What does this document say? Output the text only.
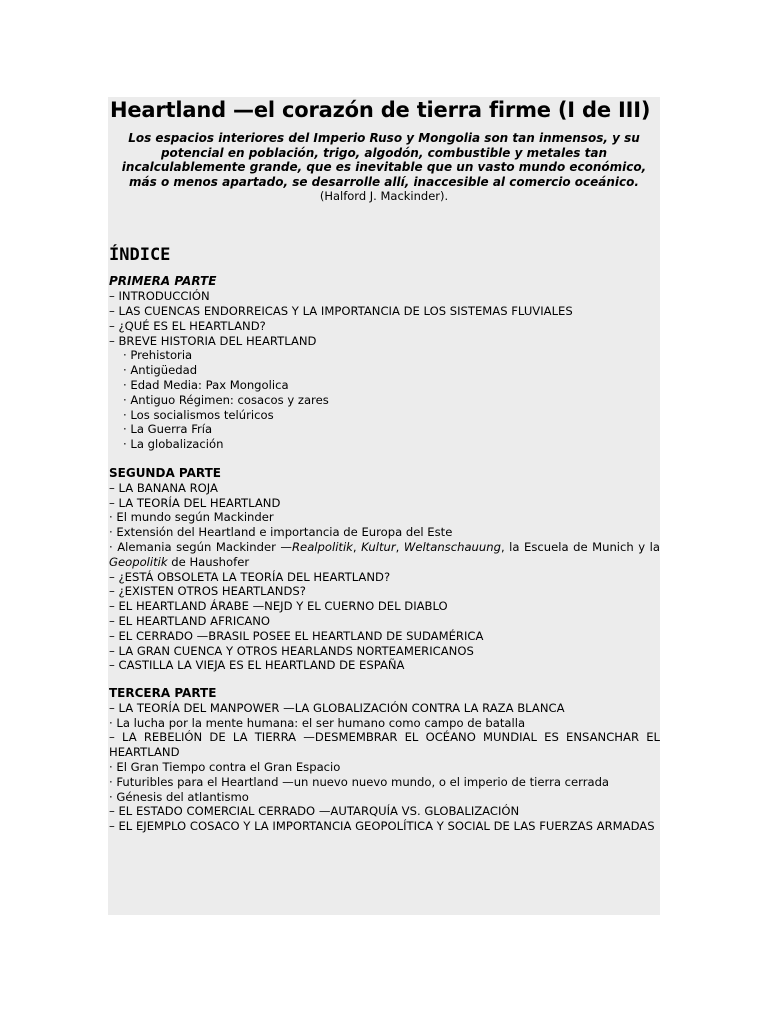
Heartland —el corazón de tierra firme (I de III)
Los espacios interiores del Imperio Ruso y Mongolia son tan inmensos, y su potencial en población, trigo, algodón, combustible y metales tan incalculablemente grande, que es inevitable que un vasto mundo económico, más o menos apartado, se desarrolle allí, inaccesible al comercio oceánico.
(Halford J. Mackinder).
ÍNDICE
PRIMERA PARTE
– INTRODUCCIÓN
– LAS CUENCAS ENDORREICAS Y LA IMPORTANCIA DE LOS SISTEMAS FLUVIALES
– ¿QUÉ ES EL HEARTLAND?
– BREVE HISTORIA DEL HEARTLAND
· Prehistoria
· Antigüedad
· Edad Media: Pax Mongolica
· Antiguo Régimen: cosacos y zares
· Los socialismos telúricos
· La Guerra Fría
· La globalización
SEGUNDA PARTE
– LA BANANA ROJA
– LA TEORÍA DEL HEARTLAND
· El mundo según Mackinder
· Extensión del Heartland e importancia de Europa del Este
· Alemania según Mackinder —Realpolitik, Kultur, Weltanschauung, la Escuela de Munich y la Geopolitik de Haushofer
– ¿ESTÁ OBSOLETA LA TEORÍA DEL HEARTLAND?
– ¿EXISTEN OTROS HEARTLANDS?
– EL HEARTLAND ÁRABE —NEJD Y EL CUERNO DEL DIABLO
– EL HEARTLAND AFRICANO
– EL CERRADO —BRASIL POSEE EL HEARTLAND DE SUDAMÉRICA
– LA GRAN CUENCA Y OTROS HEARLANDS NORTEAMERICANOS
– CASTILLA LA VIEJA ES EL HEARTLAND DE ESPAÑA
TERCERA PARTE
– LA TEORÍA DEL MANPOWER —LA GLOBALIZACIÓN CONTRA LA RAZA BLANCA
· La lucha por la mente humana: el ser humano como campo de batalla
– LA REBELIÓN DE LA TIERRA —DESMEMBRAR EL OCÉANO MUNDIAL ES ENSANCHAR EL HEARTLAND
· El Gran Tiempo contra el Gran Espacio
· Futuribles para el Heartland —un nuevo nuevo mundo, o el imperio de tierra cerrada
· Génesis del atlantismo
– EL ESTADO COMERCIAL CERRADO —AUTARQUÍA VS. GLOBALIZACIÓN
– EL EJEMPLO COSACO Y LA IMPORTANCIA GEOPOLÍTICA Y SOCIAL DE LAS FUERZAS ARMADAS
